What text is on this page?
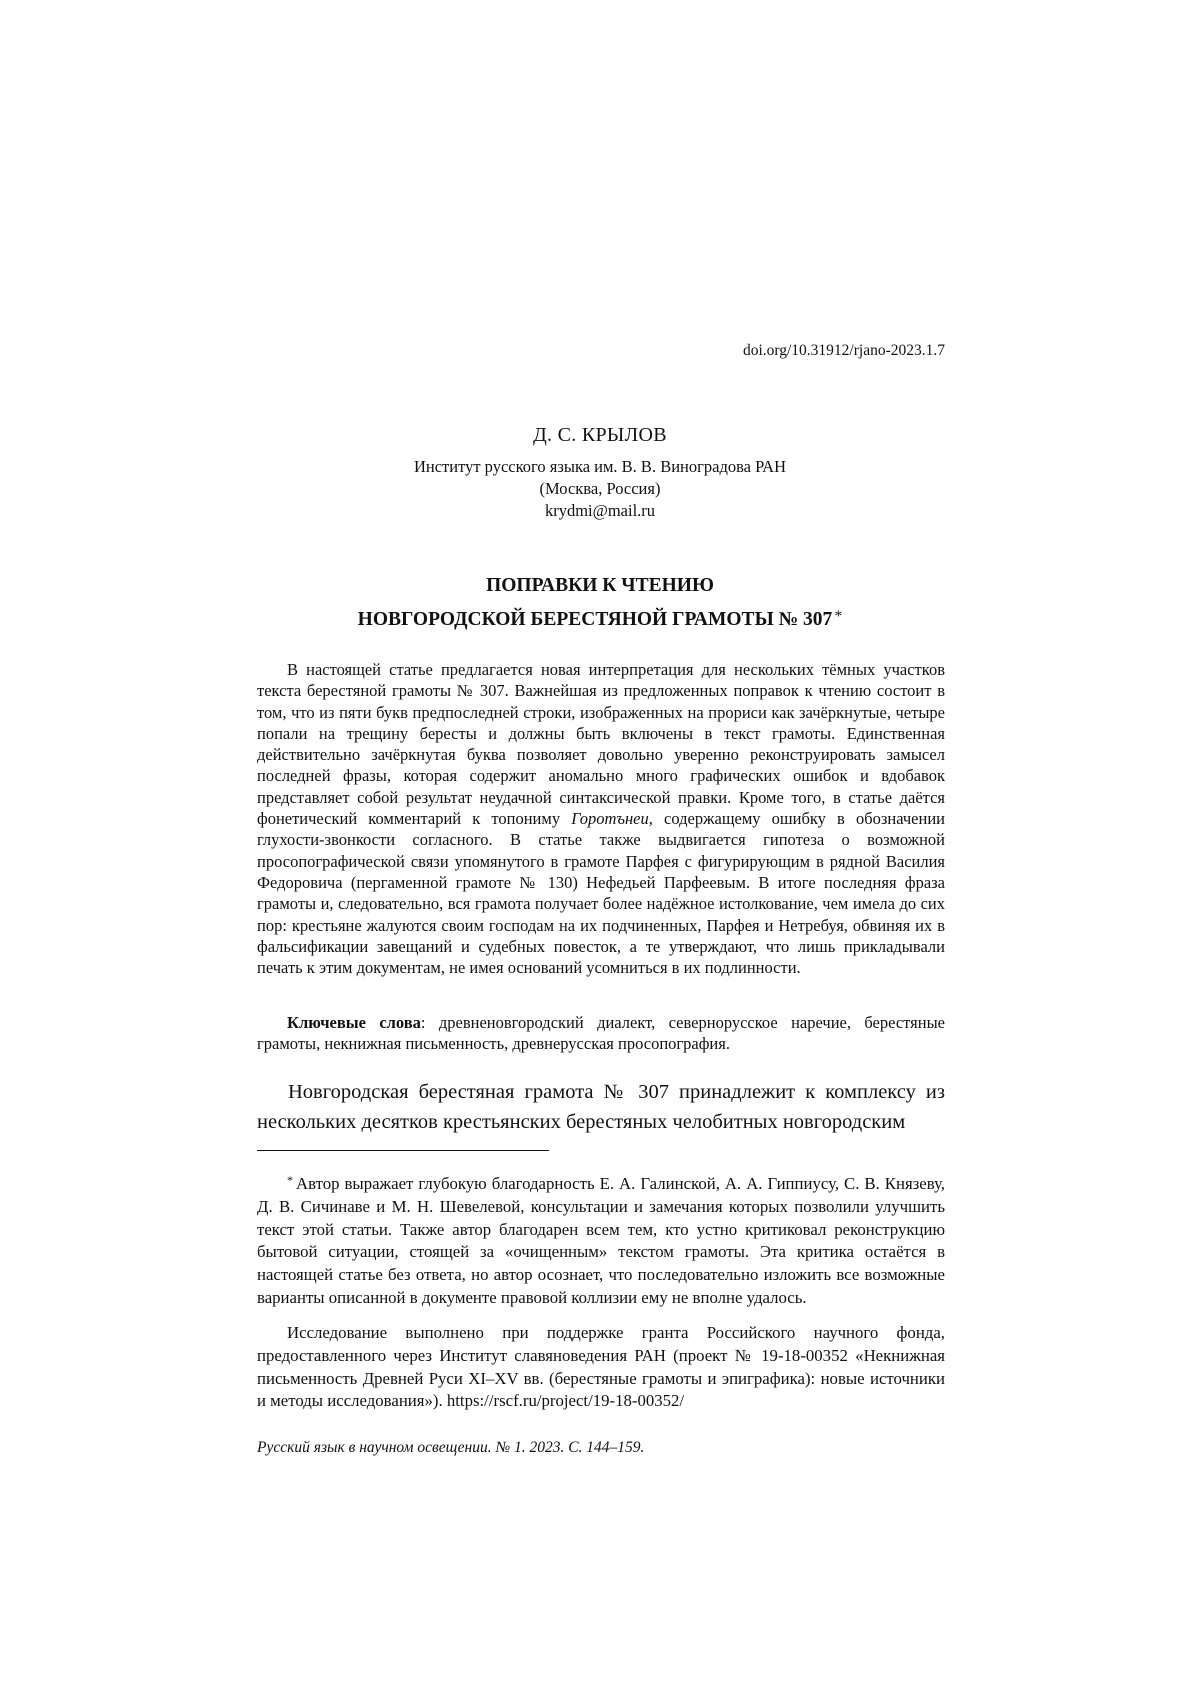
doi.org/10.31912/rjano-2023.1.7
Д. С. КРЫЛОВ
Институт русского языка им. В. В. Виноградова РАН
(Москва, Россия)
krydmi@mail.ru
ПОПРАВКИ К ЧТЕНИЮ
НОВГОРОДСКОЙ БЕРЕСТЯНОЙ ГРАМОТЫ № 307 *

В настоящей статье предлагается новая интерпретация для нескольких тёмных участков текста берестяной грамоты № 307. Важнейшая из предложенных поправок к чтению состоит в том, что из пяти букв предпоследней строки, изображенных на прориси как зачёркнутые, четыре попали на трещину бересты и должны быть включены в текст грамоты. Единственная действительно зачёркнутая буква позволяет довольно уверенно реконструировать замысел последней фразы, которая содержит аномально много графических ошибок и вдобавок представляет собой результат неудачной синтаксической правки. Кроме того, в статье даётся фонетический комментарий к топониму Горотънеи, содержащему ошибку в обозначении глухости-звонкости согласного. В статье также выдвигается гипотеза о возможной просопографической связи упомянутого в грамоте Парфея с фигурирующим в рядной Василия Федоровича (пергаменной грамоте № 130) Нефедьей Парфеевым. В итоге последняя фраза грамоты и, следовательно, вся грамота получает более надёжное истолкование, чем имела до сих пор: крестьяне жалуются своим господам на их подчиненных, Парфея и Нетребуя, обвиняя их в фальсификации завещаний и судебных повесток, а те утверждают, что лишь прикладывали печать к этим документам, не имея оснований усомниться в их подлинности.

Ключевые слова: древненовгородский диалект, севернорусское наречие, берестяные грамоты, некнижная письменность, древнерусская просопография.

Новгородская берестяная грамота № 307 принадлежит к комплексу из нескольких десятков крестьянских берестяных челобитных новгородским

* Автор выражает глубокую благодарность Е. А. Галинской, А. А. Гиппиусу, С. В. Князеву, Д. В. Сичинаве и М. Н. Шевелевой, консультации и замечания которых позволили улучшить текст этой статьи. Также автор благодарен всем тем, кто устно критиковал реконструкцию бытовой ситуации, стоящей за «очищенным» текстом грамоты. Эта критика остаётся в настоящей статье без ответа, но автор осознает, что последовательно изложить все возможные варианты описанной в документе правовой коллизии ему не вполне удалось.

Исследование выполнено при поддержке гранта Российского научного фонда, предоставленного через Институт славяноведения РАН (проект № 19-18-00352 «Некнижная письменность Древней Руси XI–XV вв. (берестяные грамоты и эпиграфика): новые источники и методы исследования»). https://rscf.ru/project/19-18-00352/

Русский язык в научном освещении. № 1. 2023. С. 144–159.
